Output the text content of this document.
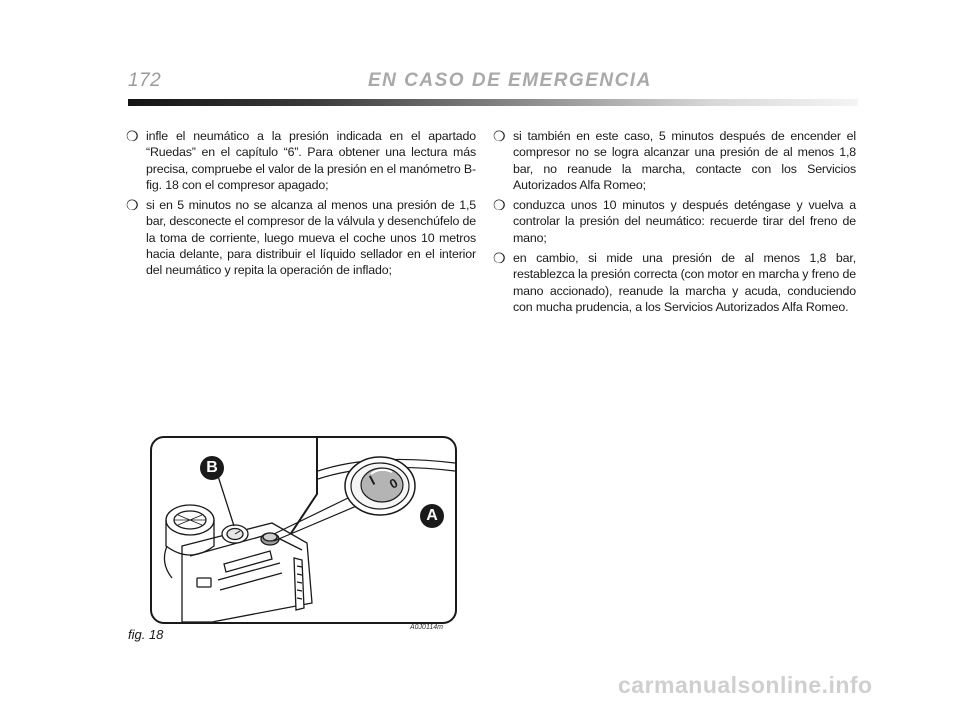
172	EN CASO DE EMERGENCIA
❍ infle el neumático a la presión indicada en el apartado “Ruedas” en el capítulo “6”. Para obtener una lectura más precisa, compruebe el valor de la presión en el manómetro B-fig. 18 con el compresor apagado;
❍ si en 5 minutos no se alcanza al menos una presión de 1,5 bar, desconecte el compresor de la válvula y desenchúfelo de la toma de corriente, luego mueva el coche unos 10 metros hacia delante, para distribuir el líquido sellador en el interior del neumático y repita la operación de inflado;
❍ si también en este caso, 5 minutos después de encender el compresor no se logra alcanzar una presión de al menos 1,8 bar, no reanude la marcha, contacte con los Servicios Autorizados Alfa Romeo;
❍ conduzca unos 10 minutos y después deténgase y vuelva a controlar la presión del neumático: recuerde tirar del freno de mano;
❍ en cambio, si mide una presión de al menos 1,8 bar, restablezca la presión correcta (con motor en marcha y freno de mano accionado), reanude la marcha y acuda, conduciendo con mucha prudencia, a los Servicios Autorizados Alfa Romeo.
I 0
B
A
fig. 18	A0J0114m
carmanualsonline.info
